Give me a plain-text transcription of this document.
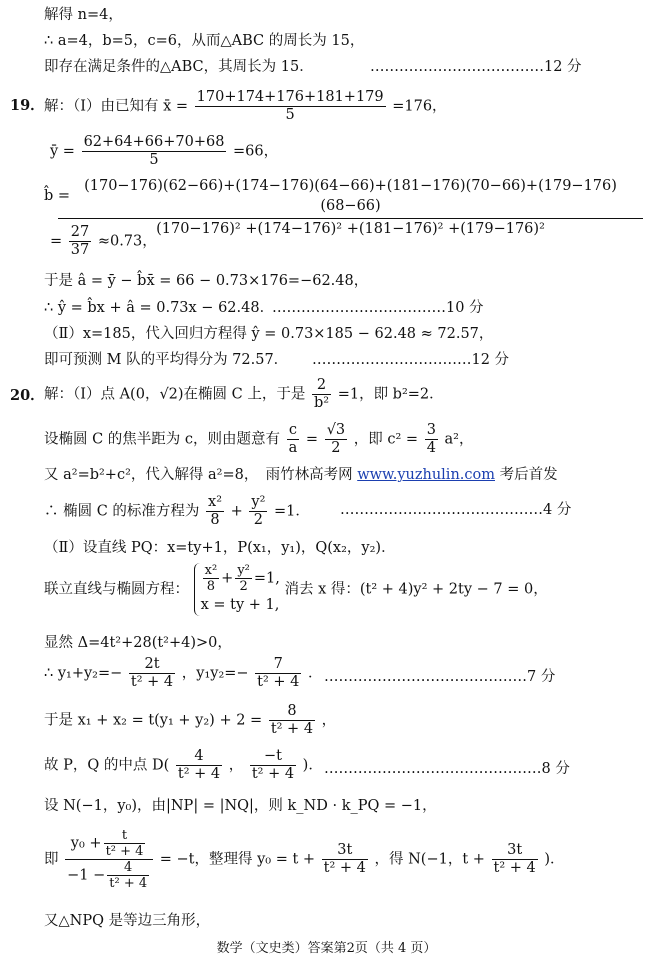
解得 n=4，
∴ a=4，b=5，c=6，从而△ABC 的周长为 15，
即存在满足条件的△ABC，其周长为 15．	………………………………12 分
19． 解：（Ⅰ）由已知有 x̄ = $\frac{170+174+176+181+179}{5} =176$，
ȳ = $\frac{62+64+66+70+68}{5} =66$，
b̂ =
(170−176)(62−66)+(174−176)(64−66)+(181−176)(70−66)+(179−176)(68−66)
(170−176)² +(174−176)² +(181−176)² +(179−176)²
= $\frac{27}{37} \approx 0.73$，
于是 â = ȳ − b̂x̄ = 66 − 0.73×176=−62.48，
∴ ŷ = b̂x + â = 0.73x − 62.48．
………………………………10 分
（Ⅱ）x=185，代入回归方程得 ŷ = 0.73×185 − 62.48 ≈ 72.57，
即可预测 M 队的平均得分为 72.57． ……………………………12 分
20． 解：（Ⅰ）点 A(0，√2)在椭圆 C 上，于是 $\frac{2}{\text{b²}} =1$，即 b²=2．
设椭圆 C 的焦半距为 c，则由题意有 $\frac{c}{a} = \frac{√3}{2}$ ，即 $c^2 = \frac{3}{4} a^2$，
又 a²=b²+c²，代入解得 a²=8，　雨竹林高考网 www.yuzhulin.com 考后首发
∴ 椭圆 C 的标准方程为 $\frac{\text{x²}}{8} + \frac{\text{y²}}{2} =1$． ……………………………………4 分
（Ⅱ）设直线 PQ：x=ty+1，P(x₁，y₁)，Q(x₂，y₂)．
联立直线与椭圆方程： $\frac{\text{x²}}{8} + \frac{\text{y²}}{2} =1$,
x = ty + 1,
消去 x 得：(t² + 4)y² + 2ty − 7 = 0，
显然 Δ=4t²+28(t²+4)>0，
∴ $y_1+y_2=- \frac{2t}{\text{t² + 4}}$ ，$y_1y_2=- \frac{7}{\text{t² + 4}}$ ． ……………………………………7 分
于是 $x_1 + x_2 = t(y_1 + y_2) + 2 = \frac{8}{\text{t² + 4}}$ ，
故 P，Q 的中点 $D( \frac{4}{\text{t² + 4}}$ ， $\frac{-t}{\text{t² + 4}}$ )． ………………………………………8 分
设 N(−1，y₀)，由|NP| = |NQ|，则 k_ND · k_PQ = −1，
即 $\frac{y_0 + \frac{t}{\text{t² + 4}}}{-1 - \frac{4}{\text{t² + 4}}} = -t$，整理得 $y_0 = t + \frac{3t}{\text{t² + 4}}$ ，得 N(−1，$t + \frac{3t}{\text{t² + 4}}$ )．
又△NPQ 是等边三角形，
数学（文史类）答案第2页（共 4 页）
